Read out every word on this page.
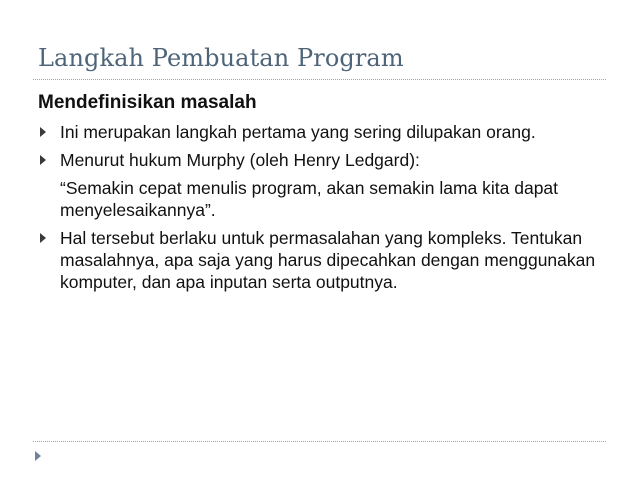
Langkah Pembuatan Program
Mendefinisikan masalah
Ini merupakan langkah pertama yang sering dilupakan orang.
Menurut hukum Murphy (oleh Henry Ledgard):
“Semakin cepat menulis program, akan semakin lama kita dapat menyelesaikannya”.
Hal tersebut berlaku untuk permasalahan yang kompleks. Tentukan masalahnya, apa saja yang harus dipecahkan dengan menggunakan komputer, dan apa inputan serta outputnya.
